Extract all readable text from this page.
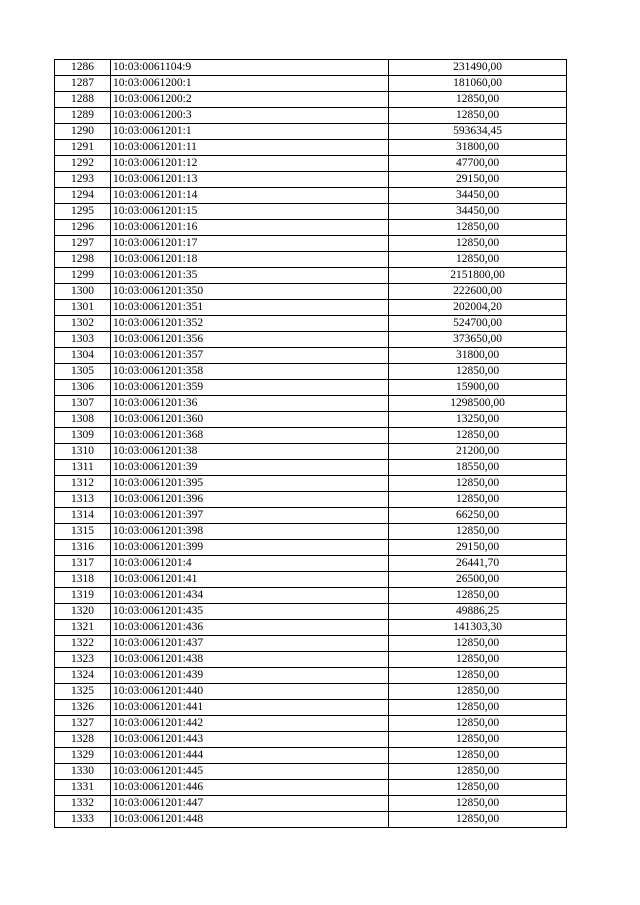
1286	10:03:0061104:9	231490,00
1287	10:03:0061200:1	181060,00
1288	10:03:0061200:2	12850,00
1289	10:03:0061200:3	12850,00
1290	10:03:0061201:1	593634,45
1291	10:03:0061201:11	31800,00
1292	10:03:0061201:12	47700,00
1293	10:03:0061201:13	29150,00
1294	10:03:0061201:14	34450,00
1295	10:03:0061201:15	34450,00
1296	10:03:0061201:16	12850,00
1297	10:03:0061201:17	12850,00
1298	10:03:0061201:18	12850,00
1299	10:03:0061201:35	2151800,00
1300	10:03:0061201:350	222600,00
1301	10:03:0061201:351	202004,20
1302	10:03:0061201:352	524700,00
1303	10:03:0061201:356	373650,00
1304	10:03:0061201:357	31800,00
1305	10:03:0061201:358	12850,00
1306	10:03:0061201:359	15900,00
1307	10:03:0061201:36	1298500,00
1308	10:03:0061201:360	13250,00
1309	10:03:0061201:368	12850,00
1310	10:03:0061201:38	21200,00
1311	10:03:0061201:39	18550,00
1312	10:03:0061201:395	12850,00
1313	10:03:0061201:396	12850,00
1314	10:03:0061201:397	66250,00
1315	10:03:0061201:398	12850,00
1316	10:03:0061201:399	29150,00
1317	10:03:0061201:4	26441,70
1318	10:03:0061201:41	26500,00
1319	10:03:0061201:434	12850,00
1320	10:03:0061201:435	49886,25
1321	10:03:0061201:436	141303,30
1322	10:03:0061201:437	12850,00
1323	10:03:0061201:438	12850,00
1324	10:03:0061201:439	12850,00
1325	10:03:0061201:440	12850,00
1326	10:03:0061201:441	12850,00
1327	10:03:0061201:442	12850,00
1328	10:03:0061201:443	12850,00
1329	10:03:0061201:444	12850,00
1330	10:03:0061201:445	12850,00
1331	10:03:0061201:446	12850,00
1332	10:03:0061201:447	12850,00
1333	10:03:0061201:448	12850,00
